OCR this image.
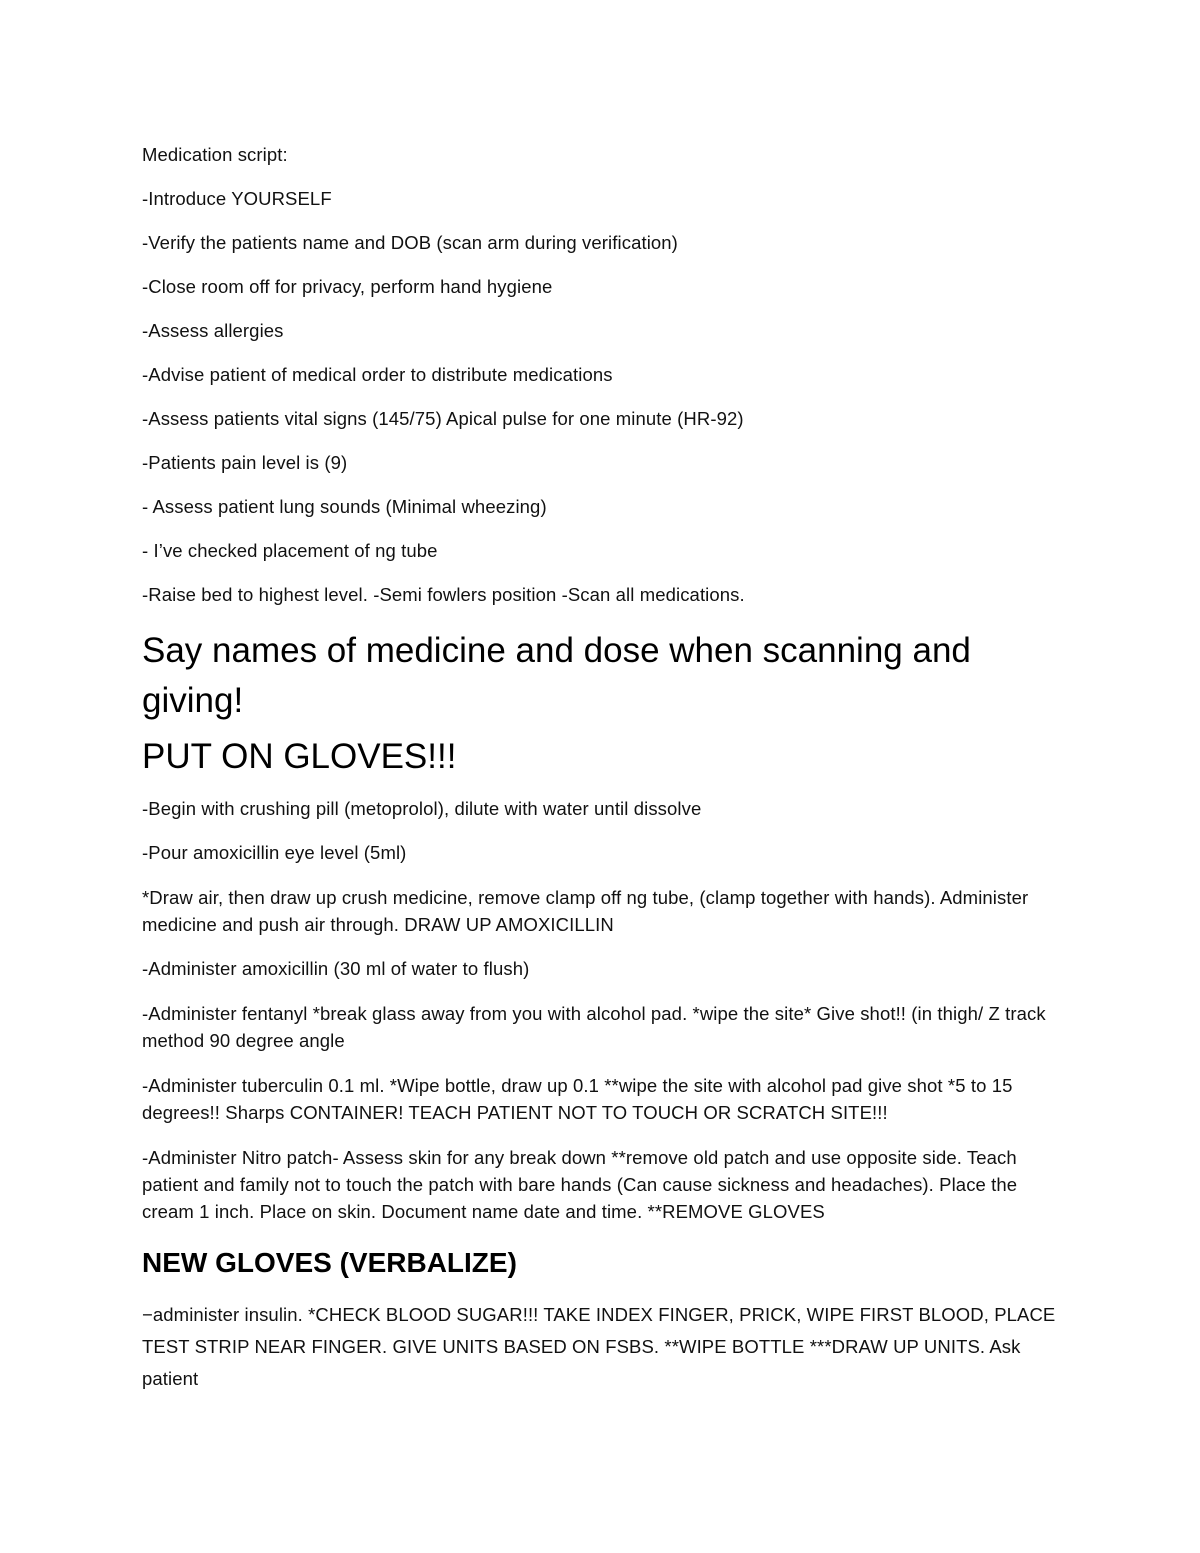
Medication script:

-Introduce YOURSELF

-Verify the patients name and DOB (scan arm during verification)

-Close room off for privacy, perform hand hygiene

-Assess allergies

-Advise patient of medical order to distribute medications

-Assess patients vital signs (145/75) Apical pulse for one minute (HR-92)

-Patients pain level is (9)

- Assess patient lung sounds (Minimal wheezing)

- I’ve checked placement of ng tube

-Raise bed to highest level. -Semi fowlers position -Scan all medications.

Say names of medicine and dose when scanning and giving!
PUT ON GLOVES!!!

-Begin with crushing pill (metoprolol), dilute with water until dissolve

-Pour amoxicillin eye level (5ml)

*Draw air, then draw up crush medicine, remove clamp off ng tube, (clamp together with hands). Administer medicine and push air through. DRAW UP AMOXICILLIN

-Administer amoxicillin (30 ml of water to flush)

-Administer fentanyl *break glass away from you with alcohol pad. *wipe the site* Give shot!! (in thigh/ Z track method 90 degree angle

-Administer tuberculin 0.1 ml. *Wipe bottle, draw up 0.1 **wipe the site with alcohol pad give shot *5 to 15 degrees!! Sharps CONTAINER! TEACH PATIENT NOT TO TOUCH OR SCRATCH SITE!!!

-Administer Nitro patch- Assess skin for any break down **remove old patch and use opposite side. Teach patient and family not to touch the patch with bare hands (Can cause sickness and headaches). Place the cream 1 inch. Place on skin. Document name date and time. **REMOVE GLOVES

NEW GLOVES (VERBALIZE)

−administer insulin. *CHECK BLOOD SUGAR!!! TAKE INDEX FINGER, PRICK, WIPE FIRST BLOOD, PLACE TEST STRIP NEAR FINGER. GIVE UNITS BASED ON FSBS. **WIPE BOTTLE ***DRAW UP UNITS. Ask patient
